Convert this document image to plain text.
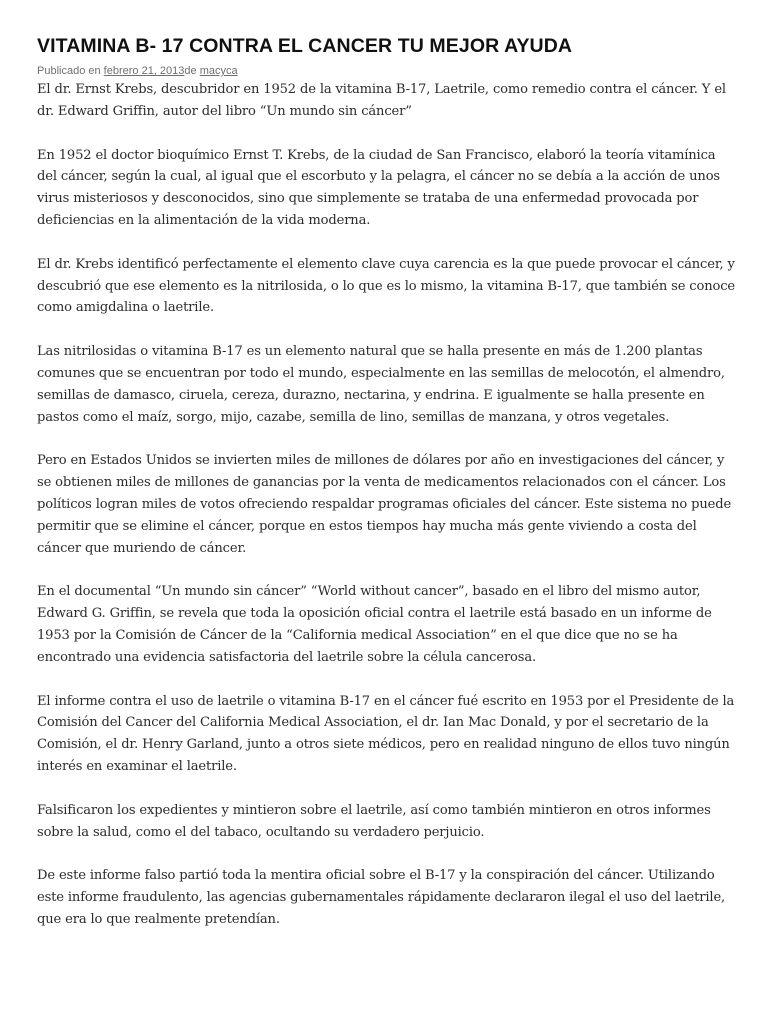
VITAMINA B- 17 CONTRA EL CANCER TU MEJOR AYUDA
Publicado en febrero 21, 2013de macyca

El dr. Ernst Krebs, descubridor en 1952 de la vitamina B-17, Laetrile, como remedio contra el cáncer. Y el dr. Edward Griffin, autor del libro “Un mundo sin cáncer”

En 1952 el doctor bioquímico Ernst T. Krebs, de la ciudad de San Francisco, elaboró la teoría vitamínica del cáncer, según la cual, al igual que el escorbuto y la pelagra, el cáncer no se debía a la acción de unos virus misteriosos y desconocidos, sino que simplemente se trataba de una enfermedad provocada por deficiencias en la alimentación de la vida moderna.

El dr. Krebs identificó perfectamente el elemento clave cuya carencia es la que puede provocar el cáncer, y descubrió que ese elemento es la nitrilosida, o lo que es lo mismo, la vitamina B-17, que también se conoce como amigdalina o laetrile.

Las nitrilosidas o vitamina B-17 es un elemento natural que se halla presente en más de 1.200 plantas comunes que se encuentran por todo el mundo, especialmente en las semillas de melocotón, el almendro, semillas de damasco, ciruela, cereza, durazno, nectarina, y endrina. E igualmente se halla presente en pastos como el maíz, sorgo, mijo, cazabe, semilla de lino, semillas de manzana, y otros vegetales.

Pero en Estados Unidos se invierten miles de millones de dólares por año en investigaciones del cáncer, y se obtienen miles de millones de ganancias por la venta de medicamentos relacionados con el cáncer. Los políticos logran miles de votos ofreciendo respaldar programas oficiales del cáncer. Este sistema no puede permitir que se elimine el cáncer, porque en estos tiempos hay mucha más gente viviendo a costa del cáncer que muriendo de cáncer.

En el documental “Un mundo sin cáncer” “World without cancer”, basado en el libro del mismo autor, Edward G. Griffin, se revela que toda la oposición oficial contra el laetrile está basado en un informe de 1953 por la Comisión de Cáncer de la “California medical Association” en el que dice que no se ha encontrado una evidencia satisfactoria del laetrile sobre la célula cancerosa.

El informe contra el uso de laetrile o vitamina B-17 en el cáncer fué escrito en 1953 por el Presidente de la Comisión del Cancer del California Medical Association, el dr. Ian Mac Donald, y por el secretario de la Comisión, el dr. Henry Garland, junto a otros siete médicos, pero en realidad ninguno de ellos tuvo ningún interés en examinar el laetrile.

Falsificaron los expedientes y mintieron sobre el laetrile, así como también mintieron en otros informes sobre la salud, como el del tabaco, ocultando su verdadero perjuicio.

De este informe falso partió toda la mentira oficial sobre el B-17 y la conspiración del cáncer. Utilizando este informe fraudulento, las agencias gubernamentales rápidamente declararon ilegal el uso del laetrile, que era lo que realmente pretendían.
